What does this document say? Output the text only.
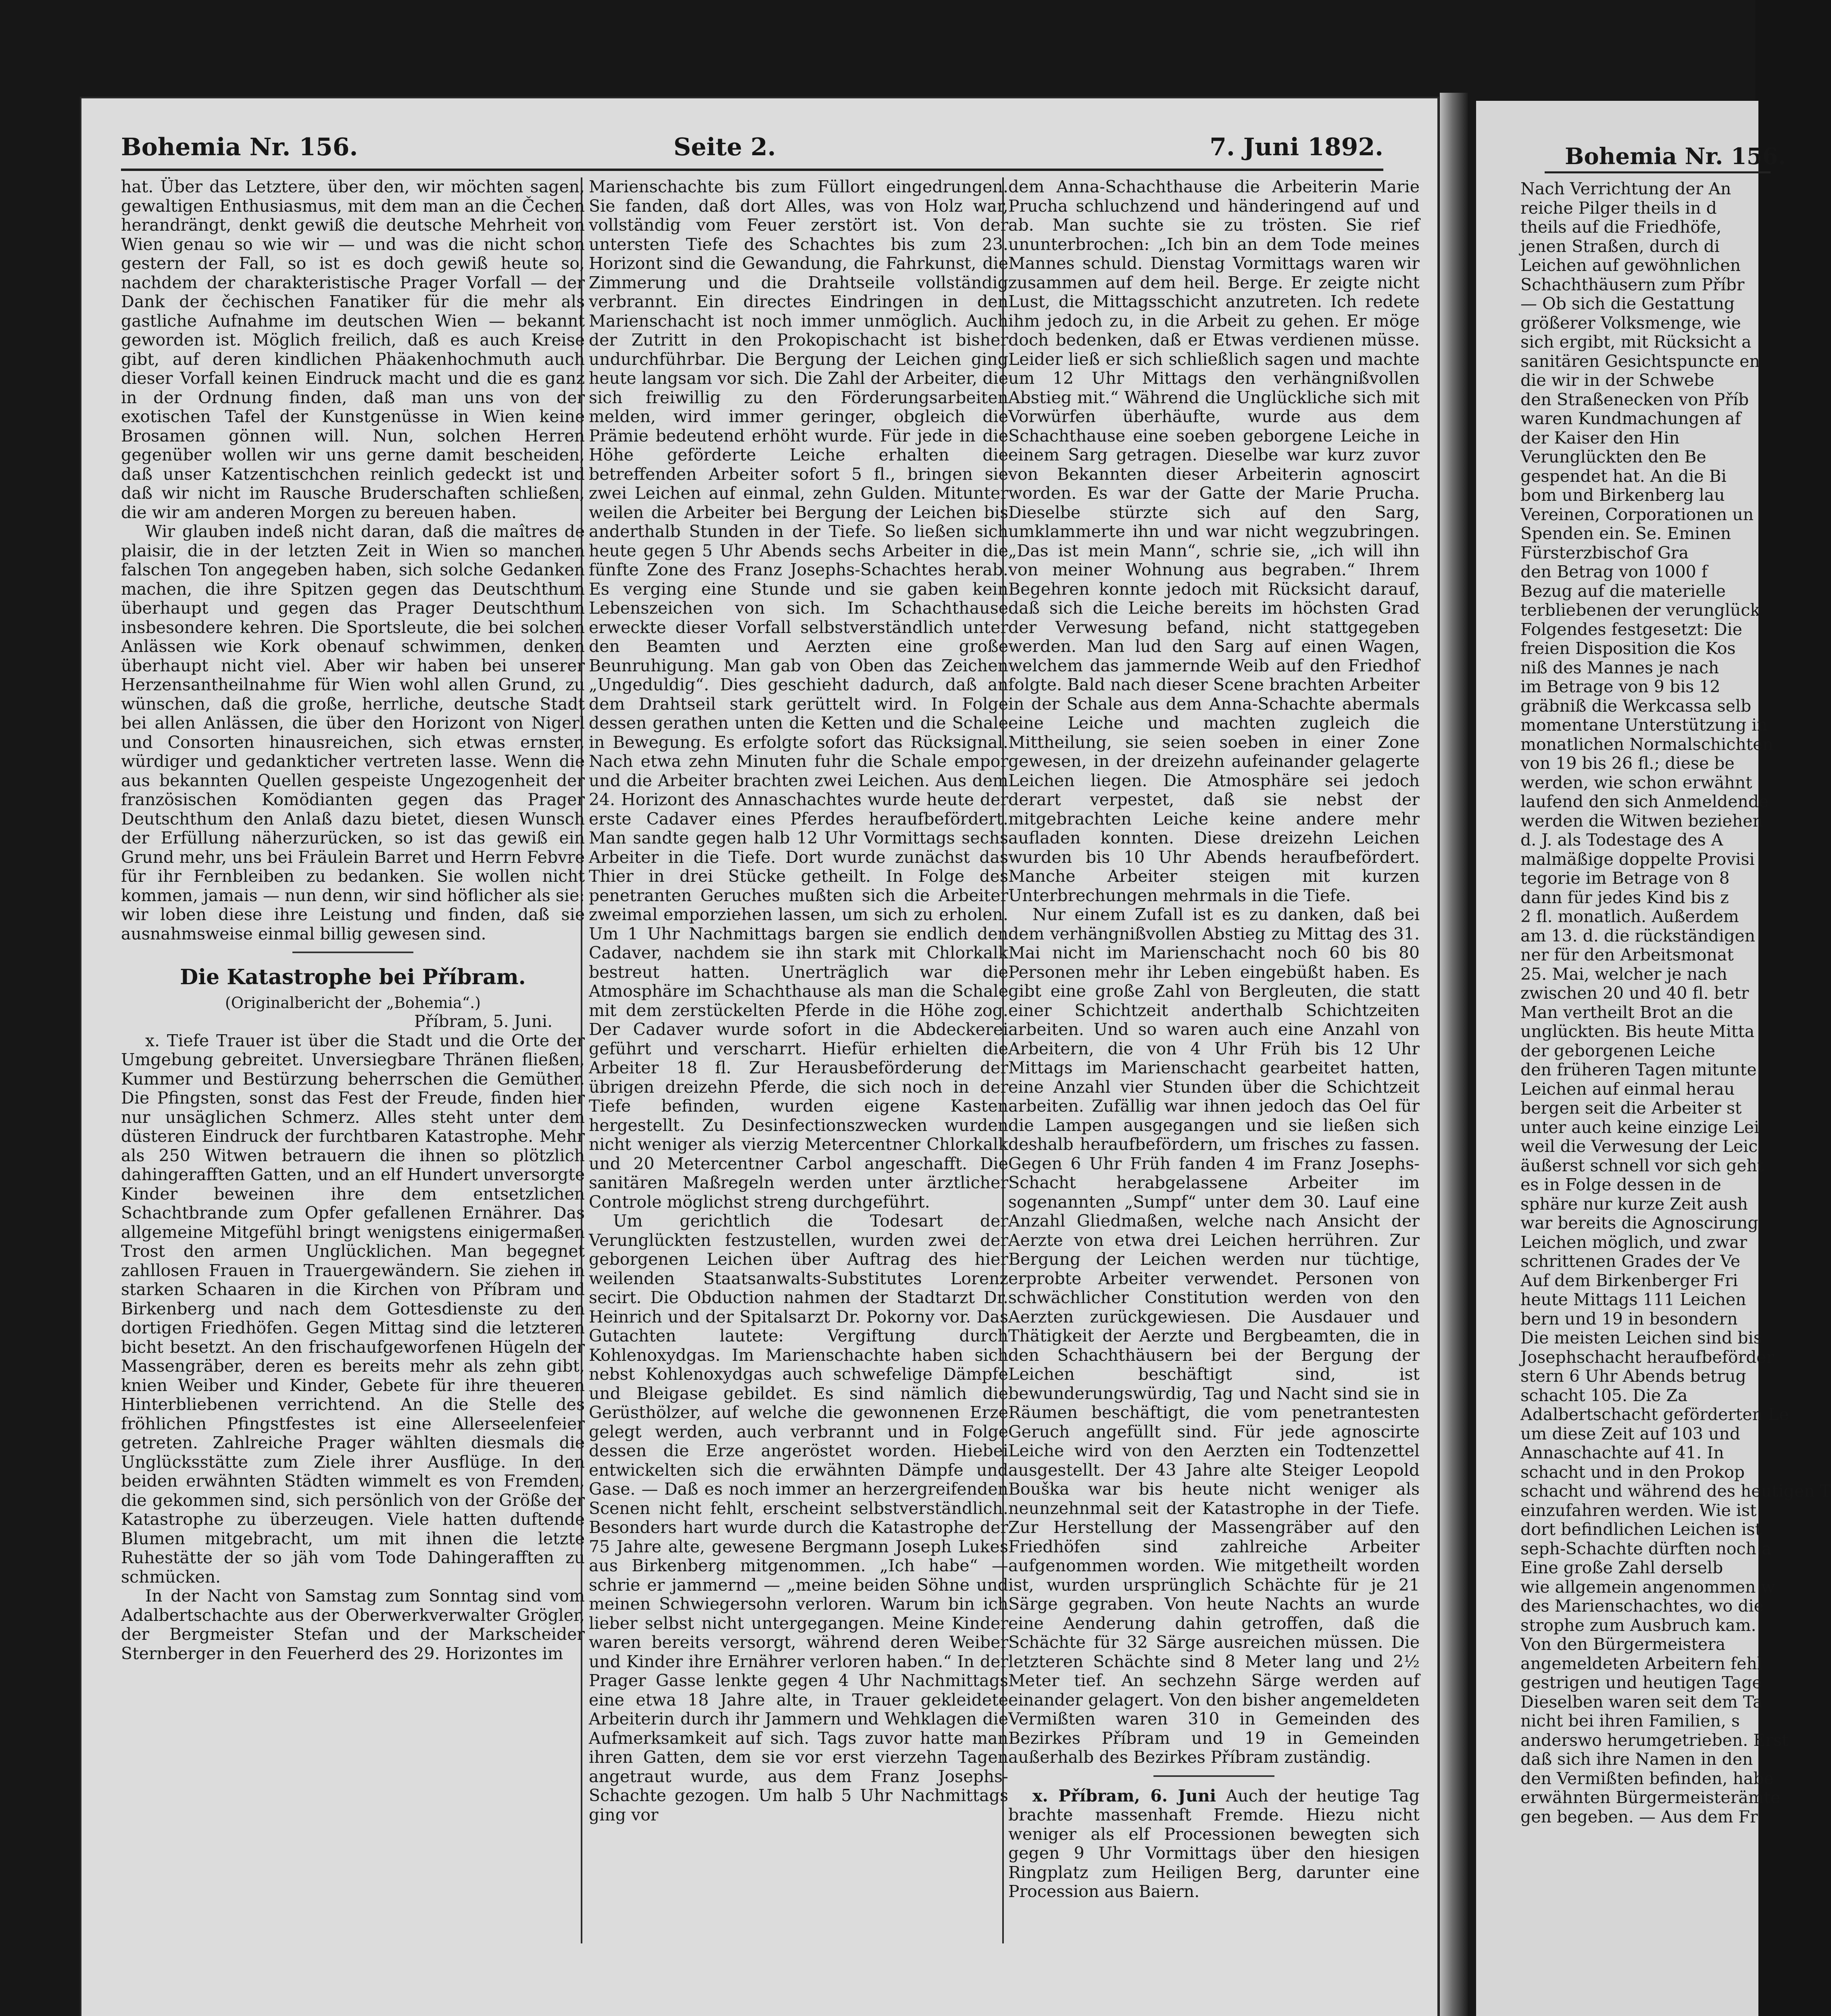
Bohemia Nr. 156.	Seite 2.	7. Juni 1892.

hat. Über das Letztere, über den, wir möchten sagen, gewaltigen Enthusiasmus, mit dem man an die Čechen herandrängt, denkt gewiß die deutsche Mehrheit von Wien genau so wie wir — und was die nicht schon gestern der Fall, so ist es doch gewiß heute so, nachdem der charakteristische Prager Vorfall — der Dank der čechischen Fanatiker für die mehr als gastliche Aufnahme im deutschen Wien — bekannt geworden ist. Möglich freilich, daß es auch Kreise gibt, auf deren kindlichen Phäakenhochmuth auch dieser Vorfall keinen Eindruck macht und die es ganz in der Ordnung finden, daß man uns von der exotischen Tafel der Kunstgenüsse in Wien keine Brosamen gönnen will. Nun, solchen Herren gegenüber wollen wir uns gerne damit bescheiden, daß unser Katzentischchen reinlich gedeckt ist und daß wir nicht im Rausche Bruderschaften schließen, die wir am anderen Morgen zu bereuen haben.

Wir glauben indeß nicht daran, daß die maîtres de plaisir, die in der letzten Zeit in Wien so manchen falschen Ton angegeben haben, sich solche Gedanken machen, die ihre Spitzen gegen das Deutschthum überhaupt und gegen das Prager Deutschthum insbesondere kehren. Die Sportsleute, die bei solchen Anlässen wie Kork obenauf schwimmen, denken überhaupt nicht viel. Aber wir haben bei unserer Herzensantheilnahme für Wien wohl allen Grund, zu wünschen, daß die große, herrliche, deutsche Stadt bei allen Anlässen, die über den Horizont von Nigerl und Consorten hinausreichen, sich etwas ernster, würdiger und gedankticher vertreten lasse. Wenn die aus bekannten Quellen gespeiste Ungezogenheit der französischen Komödianten gegen das Prager Deutschthum den Anlaß dazu bietet, diesen Wunsch der Erfüllung näherzurücken, so ist das gewiß ein Grund mehr, uns bei Fräulein Barret und Herrn Febvre für ihr Fernbleiben zu bedanken. Sie wollen nicht kommen, jamais — nun denn, wir sind höflicher als sie: wir loben diese ihre Leistung und finden, daß sie ausnahmsweise einmal billig gewesen sind.

Die Katastrophe bei Příbram.
(Originalbericht der „Bohemia“.)
Příbram, 5. Juni.

x. Tiefe Trauer ist über die Stadt und die Orte der Umgebung gebreitet. Unversiegbare Thränen fließen, Kummer und Bestürzung beherrschen die Gemüther. Die Pfingsten, sonst das Fest der Freude, finden hier nur unsäglichen Schmerz. Alles steht unter dem düsteren Eindruck der furchtbaren Katastrophe. Mehr als 250 Witwen betrauern die ihnen so plötzlich dahingerafften Gatten, und an elf Hundert unversorgte Kinder beweinen ihre dem entsetzlichen Schachtbrande zum Opfer gefallenen Ernährer. Das allgemeine Mitgefühl bringt wenigstens einigermaßen Trost den armen Unglücklichen. Man begegnet zahllosen Frauen in Trauergewändern. Sie ziehen in starken Schaaren in die Kirchen von Příbram und Birkenberg und nach dem Gottesdienste zu den dortigen Friedhöfen. Gegen Mittag sind die letzteren bicht besetzt. An den frischaufgeworfenen Hügeln der Massengräber, deren es bereits mehr als zehn gibt, knien Weiber und Kinder, Gebete für ihre theueren Hinterbliebenen verrichtend. An die Stelle des fröhlichen Pfingstfestes ist eine Allerseelenfeier getreten. Zahlreiche Prager wählten diesmals die Unglücksstätte zum Ziele ihrer Ausflüge. In den beiden erwähnten Städten wimmelt es von Fremden, die gekommen sind, sich persönlich von der Größe der Katastrophe zu überzeugen. Viele hatten duftende Blumen mitgebracht, um mit ihnen die letzte Ruhestätte der so jäh vom Tode Dahingerafften zu schmücken.

In der Nacht von Samstag zum Sonntag sind vom Adalbertschachte aus der Oberwerkverwalter Grögler, der Bergmeister Stefan und der Markscheider Sternberger in den Feuerherd des 29. Horizontes im

Marienschachte bis zum Füllort eingedrungen. Sie fanden, daß dort Alles, was von Holz war, vollständig vom Feuer zerstört ist. Von der untersten Tiefe des Schachtes bis zum 23. Horizont sind die Gewandung, die Fahrkunst, die Zimmerung und die Drahtseile vollständig verbrannt. Ein directes Eindringen in den Marienschacht ist noch immer unmöglich. Auch der Zutritt in den Prokopischacht ist bisher undurchführbar. Die Bergung der Leichen ging heute langsam vor sich. Die Zahl der Arbeiter, die sich freiwillig zu den Förderungsarbeiten melden, wird immer geringer, obgleich die Prämie bedeutend erhöht wurde. Für jede in die Höhe geförderte Leiche erhalten die betreffenden Arbeiter sofort 5 fl., bringen sie zwei Leichen auf einmal, zehn Gulden. Mitunter weilen die Arbeiter bei Bergung der Leichen bis anderthalb Stunden in der Tiefe. So ließen sich heute gegen 5 Uhr Abends sechs Arbeiter in die fünfte Zone des Franz Josephs-Schachtes herab. Es verging eine Stunde und sie gaben kein Lebenszeichen von sich. Im Schachthause erweckte dieser Vorfall selbstverständlich unter den Beamten und Aerzten eine große Beunruhigung. Man gab von Oben das Zeichen „Ungeduldig“. Dies geschieht dadurch, daß an dem Drahtseil stark gerüttelt wird. In Folge dessen gerathen unten die Ketten und die Schale in Bewegung. Es erfolgte sofort das Rücksignal. Nach etwa zehn Minuten fuhr die Schale empor und die Arbeiter brachten zwei Leichen. Aus dem 24. Horizont des Annaschachtes wurde heute der erste Cadaver eines Pferdes heraufbefördert. Man sandte gegen halb 12 Uhr Vormittags sechs Arbeiter in die Tiefe. Dort wurde zunächst das Thier in drei Stücke getheilt. In Folge des penetranten Geruches mußten sich die Arbeiter zweimal emporziehen lassen, um sich zu erholen. Um 1 Uhr Nachmittags bargen sie endlich den Cadaver, nachdem sie ihn stark mit Chlorkalk bestreut hatten. Unerträglich war die Atmosphäre im Schachthause als man die Schale mit dem zerstückelten Pferde in die Höhe zog. Der Cadaver wurde sofort in die Abdeckerei geführt und verscharrt. Hiefür erhielten die Arbeiter 18 fl. Zur Herausbeförderung der übrigen dreizehn Pferde, die sich noch in der Tiefe befinden, wurden eigene Kasten hergestellt. Zu Desinfectionszwecken wurden nicht weniger als vierzig Metercentner Chlorkalk und 20 Metercentner Carbol angeschafft. Die sanitären Maßregeln werden unter ärztlicher Controle möglichst streng durchgeführt.

Um gerichtlich die Todesart der Verunglückten festzustellen, wurden zwei der geborgenen Leichen über Auftrag des hier weilenden Staatsanwalts-Substitutes Lorenz secirt. Die Obduction nahmen der Stadtarzt Dr. Heinrich und der Spitalsarzt Dr. Pokorny vor. Das Gutachten lautete: Vergiftung durch Kohlenoxydgas. Im Marienschachte haben sich nebst Kohlenoxydgas auch schwefelige Dämpfe und Bleigase gebildet. Es sind nämlich die Gerüsthölzer, auf welche die gewonnenen Erze gelegt werden, auch verbrannt und in Folge dessen die Erze angeröstet worden. Hiebei entwickelten sich die erwähnten Dämpfe und Gase. — Daß es noch immer an herzergreifenden Scenen nicht fehlt, erscheint selbstverständlich. Besonders hart wurde durch die Katastrophe der 75 Jahre alte, gewesene Bergmann Joseph Lukes aus Birkenberg mitgenommen. „Ich habe“ — schrie er jammernd — „meine beiden Söhne und meinen Schwiegersohn verloren. Warum bin ich lieber selbst nicht untergegangen. Meine Kinder waren bereits versorgt, während deren Weiber und Kinder ihre Ernährer verloren haben.“ In der Prager Gasse lenkte gegen 4 Uhr Nachmittags eine etwa 18 Jahre alte, in Trauer gekleidete Arbeiterin durch ihr Jammern und Wehklagen die Aufmerksamkeit auf sich. Tags zuvor hatte man ihren Gatten, dem sie vor erst vierzehn Tagen angetraut wurde, aus dem Franz Josephs-Schachte gezogen. Um halb 5 Uhr Nachmittags ging vor

dem Anna-Schachthause die Arbeiterin Marie Prucha schluchzend und händeringend auf und ab. Man suchte sie zu trösten. Sie rief ununterbrochen: „Ich bin an dem Tode meines Mannes schuld. Dienstag Vormittags waren wir zusammen auf dem heil. Berge. Er zeigte nicht Lust, die Mittagsschicht anzutreten. Ich redete ihm jedoch zu, in die Arbeit zu gehen. Er möge doch bedenken, daß er Etwas verdienen müsse. Leider ließ er sich schließlich sagen und machte um 12 Uhr Mittags den verhängnißvollen Abstieg mit.“ Während die Unglückliche sich mit Vorwürfen überhäufte, wurde aus dem Schachthause eine soeben geborgene Leiche in einem Sarg getragen. Dieselbe war kurz zuvor von Bekannten dieser Arbeiterin agnoscirt worden. Es war der Gatte der Marie Prucha. Dieselbe stürzte sich auf den Sarg, umklammerte ihn und war nicht wegzubringen. „Das ist mein Mann“, schrie sie, „ich will ihn von meiner Wohnung aus begraben.“ Ihrem Begehren konnte jedoch mit Rücksicht darauf, daß sich die Leiche bereits im höchsten Grad der Verwesung befand, nicht stattgegeben werden. Man lud den Sarg auf einen Wagen, welchem das jammernde Weib auf den Friedhof folgte. Bald nach dieser Scene brachten Arbeiter in der Schale aus dem Anna-Schachte abermals eine Leiche und machten zugleich die Mittheilung, sie seien soeben in einer Zone gewesen, in der dreizehn aufeinander gelagerte Leichen liegen. Die Atmosphäre sei jedoch derart verpestet, daß sie nebst der mitgebrachten Leiche keine andere mehr aufladen konnten. Diese dreizehn Leichen wurden bis 10 Uhr Abends heraufbefördert. Manche Arbeiter steigen mit kurzen Unterbrechungen mehrmals in die Tiefe.

Nur einem Zufall ist es zu danken, daß bei dem verhängnißvollen Abstieg zu Mittag des 31. Mai nicht im Marienschacht noch 60 bis 80 Personen mehr ihr Leben eingebüßt haben. Es gibt eine große Zahl von Bergleuten, die statt einer Schichtzeit anderthalb Schichtzeiten arbeiten. Und so waren auch eine Anzahl von Arbeitern, die von 4 Uhr Früh bis 12 Uhr Mittags im Marienschacht gearbeitet hatten, eine Anzahl vier Stunden über die Schichtzeit arbeiten. Zufällig war ihnen jedoch das Oel für die Lampen ausgegangen und sie ließen sich deshalb heraufbefördern, um frisches zu fassen. Gegen 6 Uhr Früh fanden 4 im Franz Josephs-Schacht herabgelassene Arbeiter im sogenannten „Sumpf“ unter dem 30. Lauf eine Anzahl Gliedmaßen, welche nach Ansicht der Aerzte von etwa drei Leichen herrühren. Zur Bergung der Leichen werden nur tüchtige, erprobte Arbeiter verwendet. Personen von schwächlicher Constitution werden von den Aerzten zurückgewiesen. Die Ausdauer und Thätigkeit der Aerzte und Bergbeamten, die in den Schachthäusern bei der Bergung der Leichen beschäftigt sind, ist bewunderungswürdig, Tag und Nacht sind sie in Räumen beschäftigt, die vom penetrantesten Geruch angefüllt sind. Für jede agnoscirte Leiche wird von den Aerzten ein Todtenzettel ausgestellt. Der 43 Jahre alte Steiger Leopold Bouška war bis heute nicht weniger als neunzehnmal seit der Katastrophe in der Tiefe. Zur Herstellung der Massengräber auf den Friedhöfen sind zahlreiche Arbeiter aufgenommen worden. Wie mitgetheilt worden ist, wurden ursprünglich Schächte für je 21 Särge gegraben. Von heute Nachts an wurde eine Aenderung dahin getroffen, daß die Schächte für 32 Särge ausreichen müssen. Die letzteren Schächte sind 8 Meter lang und 2½ Meter tief. An sechzehn Särge werden auf einander gelagert. Von den bisher angemeldeten Vermißten waren 310 in Gemeinden des Bezirkes Příbram und 19 in Gemeinden außerhalb des Bezirkes Příbram zuständig.

x. Příbram, 6. Juni Auch der heutige Tag brachte massenhaft Fremde. Hiezu nicht weniger als elf Processionen bewegten sich gegen 9 Uhr Vormittags über den hiesigen Ringplatz zum Heiligen Berg, darunter eine Procession aus Baiern.

Bohemia Nr. 156.
Nach Verrichtung der An
reiche Pilger theils in d
theils auf die Friedhöfe,
jenen Straßen, durch di
Leichen auf gewöhnlichen
Schachthäusern zum Příbr
— Ob sich die Gestattung
größerer Volksmenge, wie
sich ergibt, mit Rücksicht a
sanitären Gesichtspuncte en
die wir in der Schwebe
den Straßenecken von Příb
waren Kundmachungen af
der Kaiser den Hin
Verunglückten den Be
gespendet hat. An die Bi
bom und Birkenberg lau
Vereinen, Corporationen un
Spenden ein. Se. Eminen
Fürsterzbischof Gra
den Betrag von 1000 f
Bezug auf die materielle
terbliebenen der verunglück
Folgendes festgesetzt: Die
freien Disposition die Kos
niß des Mannes je nach
im Betrage von 9 bis 12
gräbniß die Werkcassa selb
momentane Unterstützung in
monatlichen Normalschichten
von 19 bis 26 fl.; diese be
werden, wie schon erwähnt
laufend den sich Anmeldende
werden die Witwen beziehen
d. J. als Todestage des A
malmäßige doppelte Provisi
tegorie im Betrage von 8
dann für jedes Kind bis z
2 fl. monatlich. Außerdem
am 13. d. die rückständigen
ner für den Arbeitsmonat
25. Mai, welcher je nach
zwischen 20 und 40 fl. betr
Man vertheilt Brot an die
unglückten. Bis heute Mitta
der geborgenen Leiche
den früheren Tagen mitunte
Leichen auf einmal herau
bergen seit die Arbeiter st
unter auch keine einzige Lei
weil die Verwesung der Leic
äußerst schnell vor sich geht
es in Folge dessen in de
sphäre nur kurze Zeit aush
war bereits die Agnoscirung
Leichen möglich, und zwar
schrittenen Grades der Ve
Auf dem Birkenberger Fri
heute Mittags 111 Leichen
bern und 19 in besondern
Die meisten Leichen sind bis
Josephschacht heraufbeförder
stern 6 Uhr Abends betrug
schacht 105. Die Za
Adalbertschacht geförderten Le
um diese Zeit auf 103 und
Annaschachte auf 41. In
schacht und in den Prokop
schacht und während des heutigen T
einzufahren werden. Wie ist
dort befindlichen Leichen ist
seph-Schachte dürften noch a
Eine große Zahl derselb
wie allgemein angenommen w
des Marienschachtes, wo die
strophe zum Ausbruch kam.
Von den Bürgermeistera
angemeldeten Arbeitern fehl
gestrigen und heutigen Tage
Dieselben waren seit dem Ta
nicht bei ihren Familien, s
anderswo herumgetrieben. Erst
daß sich ihre Namen in den
den Vermißten befinden, habe
erwähnten Bürgermeisterämte
gen begeben. — Aus dem Fr
